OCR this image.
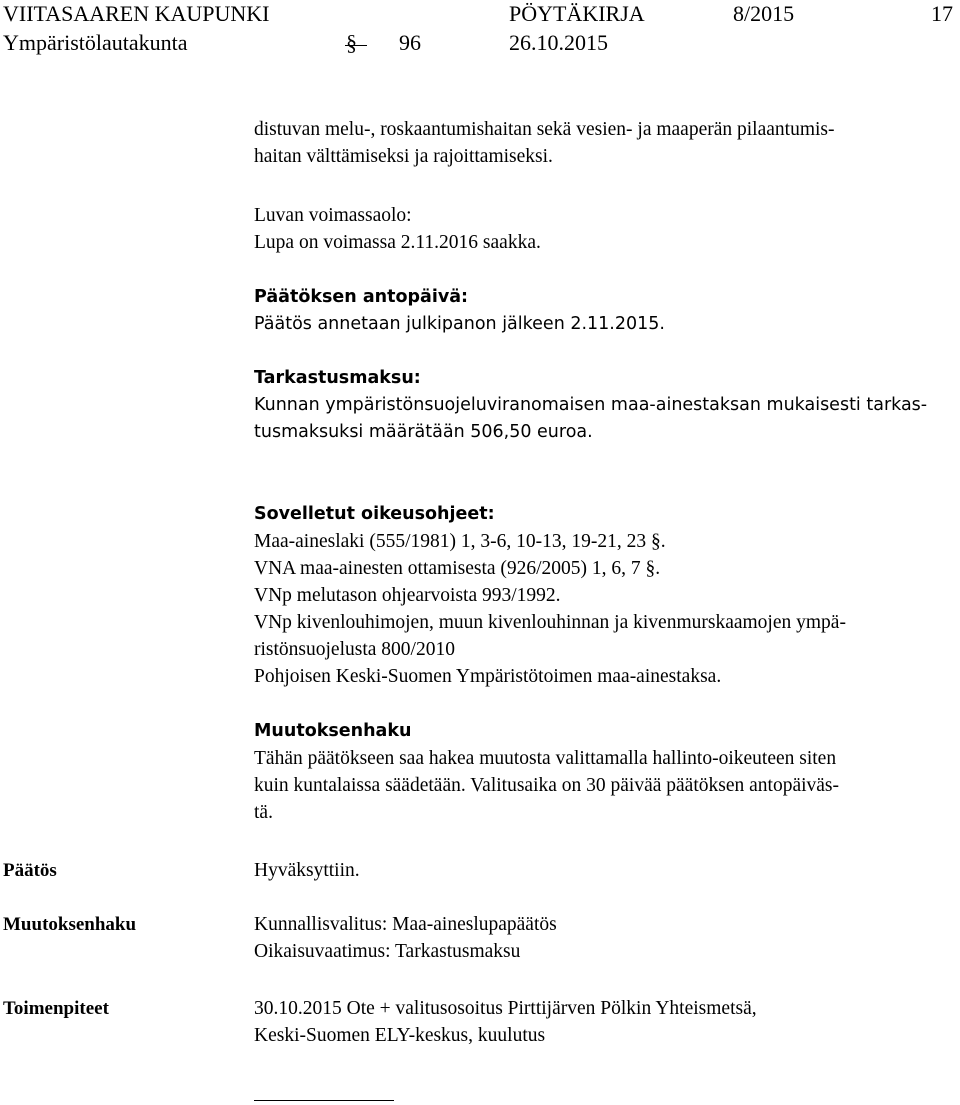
VIITASAAREN KAUPUNKI	PÖYTÄKIRJA	8/2015	17
Ympäristölautakunta	§ 96	26.10.2015
distuvan melu-, roskaantumishaitan sekä vesien- ja maaperän pilaantumis-
haitan välttämiseksi ja rajoittamiseksi.
Luvan voimassaolo:
Lupa on voimassa 2.11.2016 saakka.
Päätöksen antopäivä:
Päätös annetaan julkipanon jälkeen 2.11.2015.
Tarkastusmaksu:
Kunnan ympäristönsuojeluviranomaisen maa-ainestaksan mukaisesti tarkas-
tusmaksuksi määrätään 506,50 euroa.
Sovelletut oikeusohjeet:
Maa-aineslaki (555/1981) 1, 3-6, 10-13, 19-21, 23 §.
VNA maa-ainesten ottamisesta (926/2005) 1, 6, 7 §.
VNp melutason ohjearvoista 993/1992.
VNp kivenlouhimojen, muun kivenlouhinnan ja kivenmurskaamojen ympä-
ristönsuojelusta 800/2010
Pohjoisen Keski-Suomen Ympäristötoimen maa-ainestaksa.
Muutoksenhaku
Tähän päätökseen saa hakea muutosta valittamalla hallinto-oikeuteen siten
kuin kuntalaissa säädetään. Valitusaika on 30 päivää päätöksen antopäiväs-
tä.
Päätös	Hyväksyttiin.
Muutoksenhaku	Kunnallisvalitus: Maa-aineslupapäätös
Oikaisuvaatimus: Tarkastusmaksu
Toimenpiteet	30.10.2015 Ote + valitusosoitus Pirttijärven Pölkin Yhteismetsä,
Keski-Suomen ELY-keskus, kuulutus
